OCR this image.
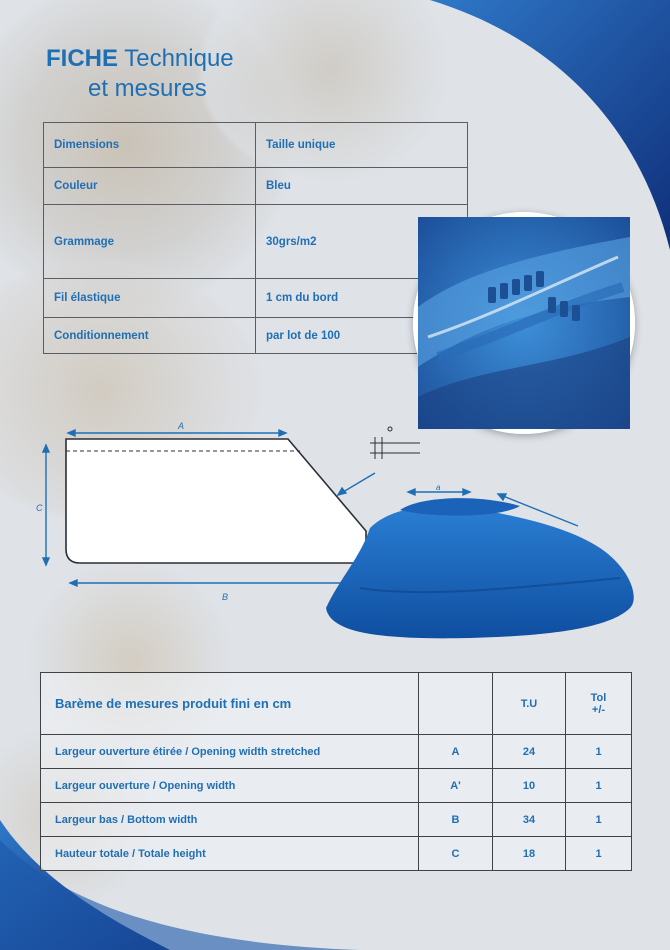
FICHE Technique
et mesures
Dimensions	Taille unique
Couleur	Bleu
Grammage	30grs/m2
Fil élastique	1 cm du bord
Conditionnement	par lot de 100
A
C
B
a
Barème de mesures produit fini en cm		T.U	Tol
+/-
Largeur ouverture étirée / Opening width stretched	A	24	1
Largeur ouverture / Opening width	A'	10	1
Largeur bas / Bottom width	B	34	1
Hauteur totale / Totale height	C	18	1
